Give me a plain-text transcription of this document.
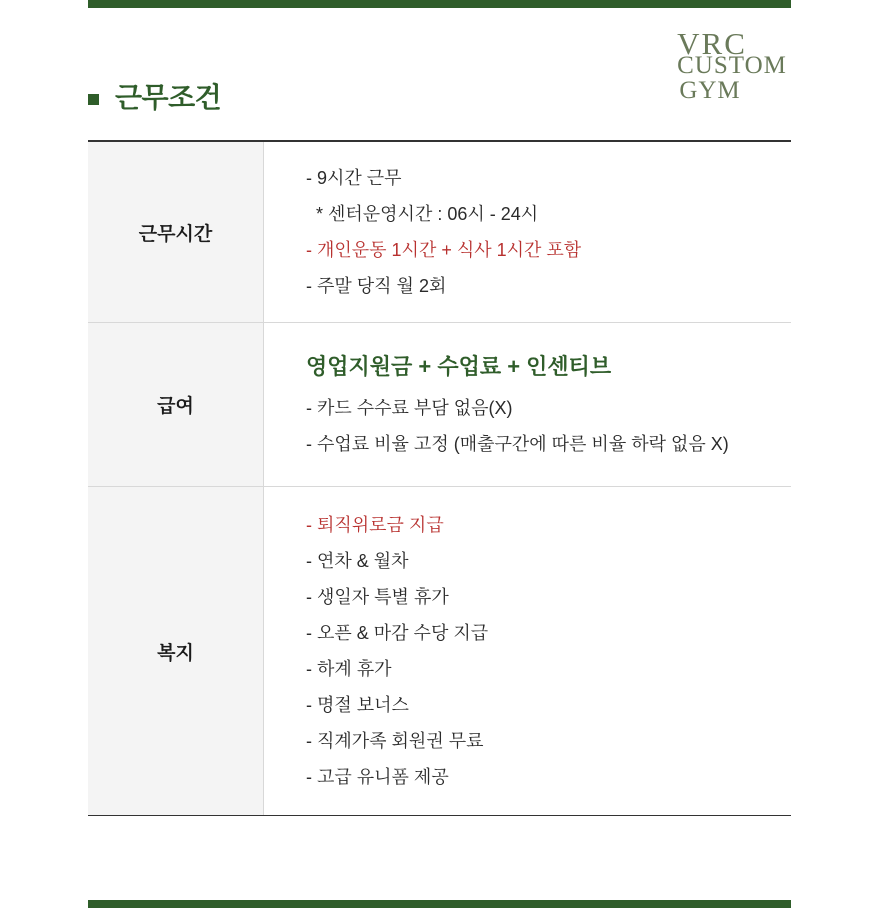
VRC
CUSTOM
GYM
근무조건
근무시간
- 9시간 근무
* 센터운영시간 : 06시 - 24시
- 개인운동 1시간 + 식사 1시간 포함
- 주말 당직 월 2회
급여
영업지원금 + 수업료 + 인센티브
- 카드 수수료 부담 없음(X)
- 수업료 비율 고정 (매출구간에 따른 비율 하락 없음 X)
복지
- 퇴직위로금 지급
- 연차 & 월차
- 생일자 특별 휴가
- 오픈 & 마감 수당 지급
- 하계 휴가
- 명절 보너스
- 직계가족 회원권 무료
- 고급 유니폼 제공
